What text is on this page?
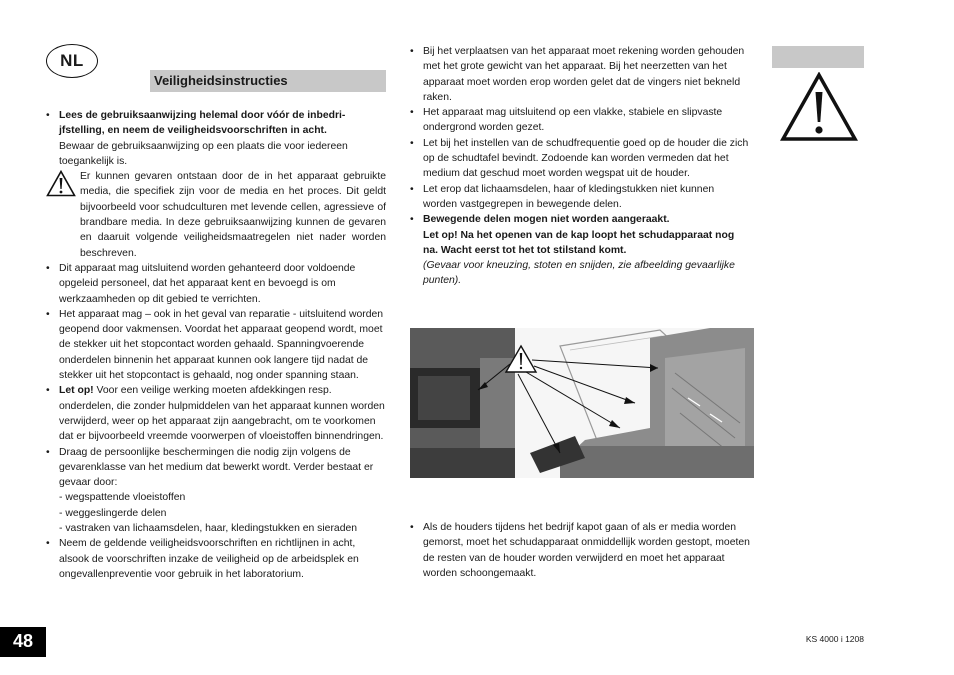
NL
Veiligheidsinstructies
• Lees de gebruiksaanwijzing helemal door vóór de inbedri-jfstelling, en neem de veiligheidsvoorschriften in acht.
Bewaar de gebruiksaanwijzing op een plaats die voor iedereen toegankelijk is.
Er kunnen gevaren ontstaan door de in het apparaat gebruikte media, die specifiek zijn voor de media en het proces. Dit geldt bijvoorbeeld voor schudculturen met levende cellen, agressieve of brandbare media. In deze gebruiksaanwijzing kunnen de gevaren en daaruit volgende veiligheidsmaatregelen niet nader worden beschreven.
• Dit apparaat mag uitsluitend worden gehanteerd door voldoende opgeleid personeel, dat het apparaat kent en bevoegd is om werkzaamheden op dit gebied te verrichten.
• Het apparaat mag – ook in het geval van reparatie - uitsluitend worden geopend door vakmensen. Voordat het apparaat geopend wordt, moet de stekker uit het stopcontact worden gehaald. Spanningvoerende onderdelen binnenin het apparaat kunnen ook langere tijd nadat de stekker uit het stopcontact is gehaald, nog onder spanning staan.
• Let op! Voor een veilige werking moeten afdekkingen resp. onderdelen, die zonder hulpmiddelen van het apparaat kunnen worden verwijderd, weer op het apparaat zijn aangebracht, om te voorkomen dat er bijvoorbeeld vreemde voorwerpen of vloeistoffen binnendringen.
• Draag de persoonlijke beschermingen die nodig zijn volgens de gevarenklasse van het medium dat bewerkt wordt. Verder bestaat er gevaar door:
- wegspattende vloeistoffen
- weggeslingerde delen
- vastraken van lichaamsdelen, haar, kledingstukken en sieraden
• Neem de geldende veiligheidsvoorschriften en richtlijnen in acht, alsook de voorschriften inzake de veiligheid op de arbeidsplek en ongevallenpreventie voor gebruik in het laboratorium.
• Bij het verplaatsen van het apparaat moet rekening worden gehouden met het grote gewicht van het apparaat. Bij het neerzetten van het apparaat moet worden erop worden gelet dat de vingers niet bekneld raken.
• Het apparaat mag uitsluitend op een vlakke, stabiele en slipvaste ondergrond worden gezet.
• Let bij het instellen van de schudfrequentie goed op de houder die zich op de schudtafel bevindt. Zodoende kan worden vermeden dat het medium dat geschud moet worden wegspat uit de houder.
• Let erop dat lichaamsdelen, haar of kledingstukken niet kunnen worden vastgegrepen in bewegende delen.
• Bewegende delen mogen niet worden aangeraakt.
Let op! Na het openen van de kap loopt het schudapparaat nog na. Wacht eerst tot het tot stilstand komt.
(Gevaar voor kneuzing, stoten en snijden, zie afbeelding gevaarlijke punten).
• Als de houders tijdens het bedrijf kapot gaan of als er media worden gemorst, moet het schudapparaat onmiddellijk worden gestopt, moeten de resten van de houder worden verwijderd en moet het apparaat worden schoongemaakt.
48	KS 4000 i 1208
